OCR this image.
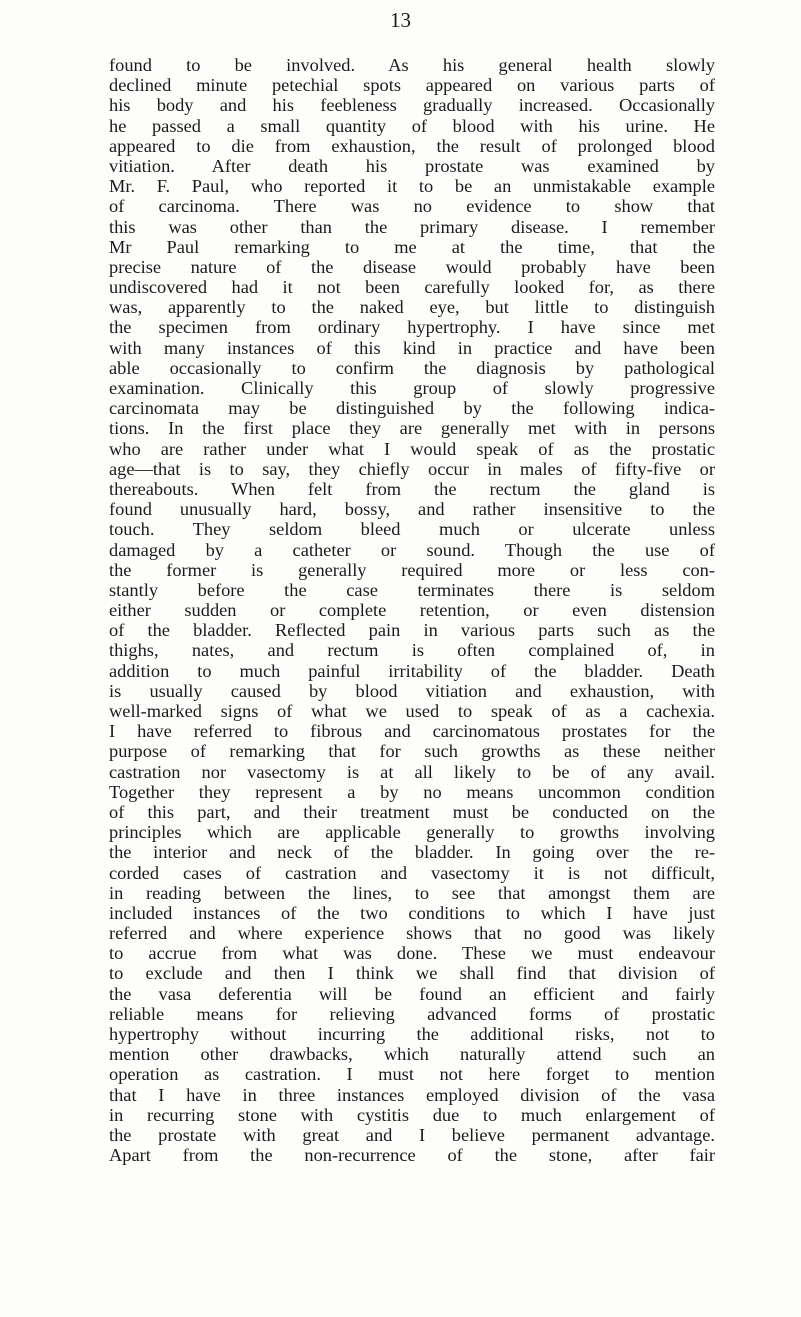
13
found to be involved. As his general health slowly
declined minute petechial spots appeared on various parts of
his body and his feebleness gradually increased. Occasionally
he passed a small quantity of blood with his urine. He
appeared to die from exhaustion, the result of prolonged blood
vitiation. After death his prostate was examined by
Mr. F. Paul, who reported it to be an unmistakable example
of carcinoma. There was no evidence to show that
this was other than the primary disease. I remember
Mr Paul remarking to me at the time, that the
precise nature of the disease would probably have been
undiscovered had it not been carefully looked for, as there
was, apparently to the naked eye, but little to distinguish
the specimen from ordinary hypertrophy. I have since met
with many instances of this kind in practice and have been
able occasionally to confirm the diagnosis by pathological
examination. Clinically this group of slowly progressive
carcinomata may be distinguished by the following indica-
tions. In the first place they are generally met with in persons
who are rather under what I would speak of as the prostatic
age—that is to say, they chiefly occur in males of fifty-five or
thereabouts. When felt from the rectum the gland is
found unusually hard, bossy, and rather insensitive to the
touch. They seldom bleed much or ulcerate unless
damaged by a catheter or sound. Though the use of
the former is generally required more or less con-
stantly before the case terminates there is seldom
either sudden or complete retention, or even distension
of the bladder. Reflected pain in various parts such as the
thighs, nates, and rectum is often complained of, in
addition to much painful irritability of the bladder. Death
is usually caused by blood vitiation and exhaustion, with
well-marked signs of what we used to speak of as a cachexia.
I have referred to fibrous and carcinomatous prostates for the
purpose of remarking that for such growths as these neither
castration nor vasectomy is at all likely to be of any avail.
Together they represent a by no means uncommon condition
of this part, and their treatment must be conducted on the
principles which are applicable generally to growths involving
the interior and neck of the bladder. In going over the re-
corded cases of castration and vasectomy it is not difficult,
in reading between the lines, to see that amongst them are
included instances of the two conditions to which I have just
referred and where experience shows that no good was likely
to accrue from what was done. These we must endeavour
to exclude and then I think we shall find that division of
the vasa deferentia will be found an efficient and fairly
reliable means for relieving advanced forms of prostatic
hypertrophy without incurring the additional risks, not to
mention other drawbacks, which naturally attend such an
operation as castration. I must not here forget to mention
that I have in three instances employed division of the vasa
in recurring stone with cystitis due to much enlargement of
the prostate with great and I believe permanent advantage.
Apart from the non-recurrence of the stone, after fair
